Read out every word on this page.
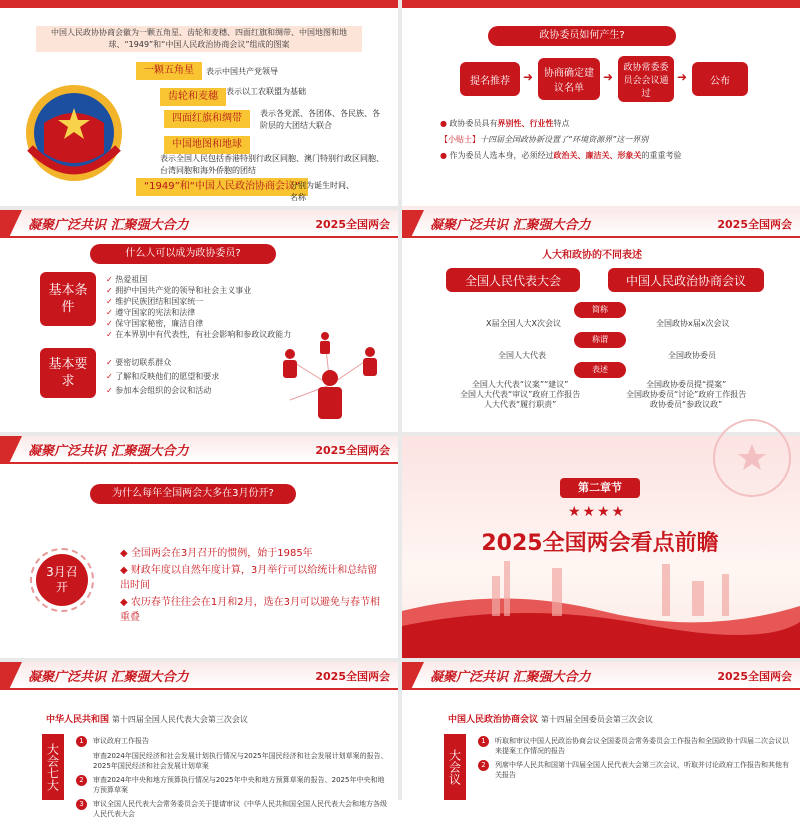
中国人民政协协商会徽为一颗五角星、齿轮和麦穗、四面红旗和绸带、中国地图和地球、“1949”和“中国人民政治协商会议”组成的图案
一颗五角星	表示中国共产党领导
齿轮和麦穗	表示以工农联盟为基础
四面红旗和绸带	表示各党派、各团体、各民族、各阶层的大团结大联合
中国地图和地球
表示全国人民包括香港特别行政区同胞、澳门特别行政区同胞、台湾同胞和海外侨胞的团结
“1949”和“中国人民政治协商会议”
分别为诞生时间、名称
政协委员如何产生?
提名推荐	➜	协商确定建议名单
➜
政协常委委员会会议通过
➜	公布
● 政协委员具有界别性、行业性特点
【小贴士】十四届全国政协新设置了“环境资源界”这一界别
● 作为委员人选本身，必须经过政治关、廉洁关、形象关的重重考验
凝聚广泛共识 汇聚强大合力	2025全国两会
什么人可以成为政协委员?
基本条件
✓ 热爱祖国
✓ 拥护中国共产党的领导和社会主义事业
✓ 维护民族团结和国家统一
✓ 遵守国家的宪法和法律
✓ 保守国家秘密，廉洁自律
✓ 在本界别中有代表性，有社会影响和参政议政能力
基本要求
✓ 要密切联系群众
✓ 了解和反映他们的愿望和要求
✓ 参加本会组织的会议和活动
凝聚广泛共识 汇聚强大合力	2025全国两会
人大和政协的不同表述
全国人民代表大会	中国人民政治协商会议
简称
X届全国人大X次会议	全国政协x届x次会议
称谓
全国人大代表	全国政协委员
表述
全国人大代表“议案”“建议”
全国人大代表“审议”政府工作报告
人大代表“履行职责”
全国政协委员提“提案”
全国政协委员“讨论”政府工作报告
政协委员“参政议政”
凝聚广泛共识 汇聚强大合力	2025全国两会
为什么每年全国两会大多在3月份开?
3月召开
◆ 全国两会在3月召开的惯例，始于1985年
◆ 财政年度以自然年度计算，3月举行可以给统计和总结留出时间
◆ 农历春节往往会在1月和2月，选在3月可以避免与春节相重叠
第二章节
★★★★
2025全国两会看点前瞻
凝聚广泛共识 汇聚强大合力	2025全国两会
中华人民共和国 第十四届全国人民代表大会第三次会议
大会七大
1	审议政府工作报告
审查2024年国民经济和社会发展计划执行情况与2025年国民经济和社会发展计划草案的报告、2025年国民经济和社会发展计划草案
2	审查2024年中央和地方预算执行情况与2025年中央和地方预算草案的报告、2025年中央和地方预算草案
3	审议全国人民代表大会常务委员会关于提请审议《中华人民共和国全国人民代表大会和地方各级人民代表大会
凝聚广泛共识 汇聚强大合力	2025全国两会
中国人民政治协商会议 第十四届全国委员会第三次会议
大会议
1	听取和审议中国人民政治协商会议全国委员会常务委员会工作报告和全国政协十四届二次会议以来提案工作情况的报告
2	列席中华人民共和国第十四届全国人民代表大会第三次会议，听取并讨论政府工作报告和其他有关报告
